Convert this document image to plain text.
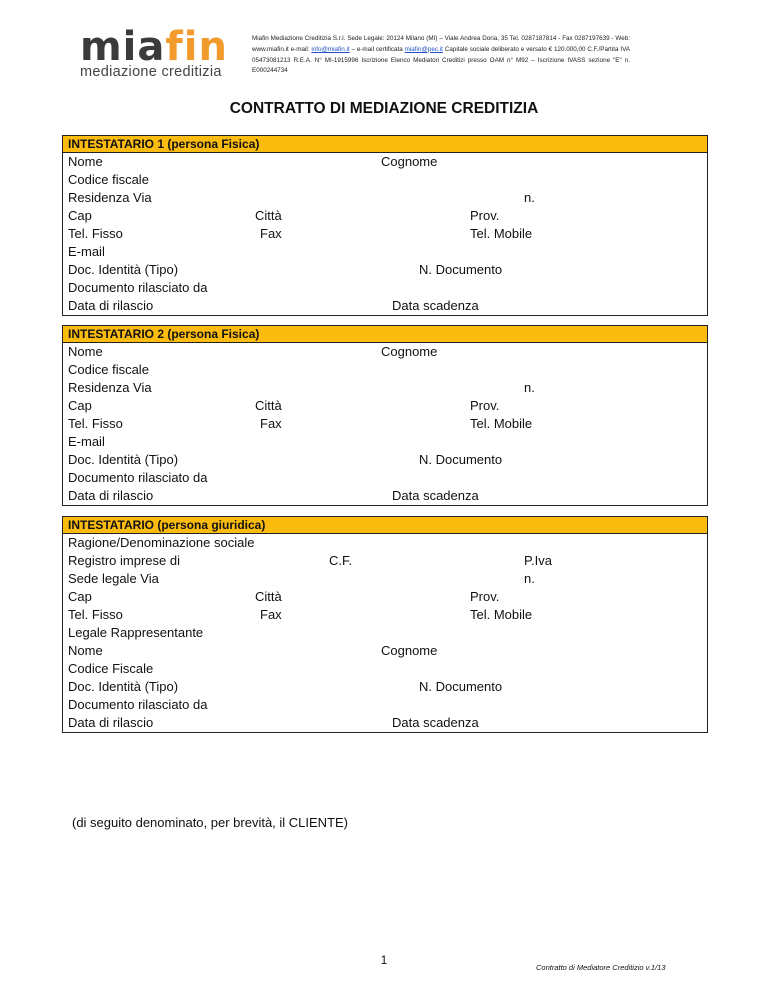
miafin
mediazione creditizia
Miafin Mediazione Creditizia S.r.l. Sede Legale: 20124 Milano (MI) – Viale Andrea Doria, 35 Tel. 0287187814 - Fax 0287197639 - Web: www.miafin.it e-mail: info@miafin.it – e-mail certificata miafin@pec.it Capitale sociale deliberato e versato € 120.000,00 C.F./Partita IVA 05473081213 R.E.A. N° MI-1915996 Iscrizione Elenco Mediatori Creditizi presso OAM n° M92 – Iscrizione IVASS sezione "E" n. E000244734
CONTRATTO DI MEDIAZIONE CREDITIZIA
INTESTATARIO 1 (persona Fisica)
Nome	Cognome
Codice fiscale
Residenza Via	n.
Cap	Città	Prov.
Tel. Fisso	Fax	Tel. Mobile
E-mail
Doc. Identità (Tipo)	N. Documento
Documento rilasciato da
Data di rilascio	Data scadenza
INTESTATARIO 2 (persona Fisica)
Nome	Cognome
Codice fiscale
Residenza Via	n.
Cap	Città	Prov.
Tel. Fisso	Fax	Tel. Mobile
E-mail
Doc. Identità (Tipo)	N. Documento
Documento rilasciato da
Data di rilascio	Data scadenza
INTESTATARIO (persona giuridica)
Ragione/Denominazione sociale
Registro imprese di	C.F.	P.Iva
Sede legale Via	n.
Cap	Città	Prov.
Tel. Fisso	Fax	Tel. Mobile
Legale Rappresentante
Nome	Cognome
Codice Fiscale
Doc. Identità (Tipo)	N. Documento
Documento rilasciato da
Data di rilascio	Data scadenza
(di seguito denominato, per brevità, il CLIENTE)
1
Contratto di Mediatore Creditizio v.1/13
